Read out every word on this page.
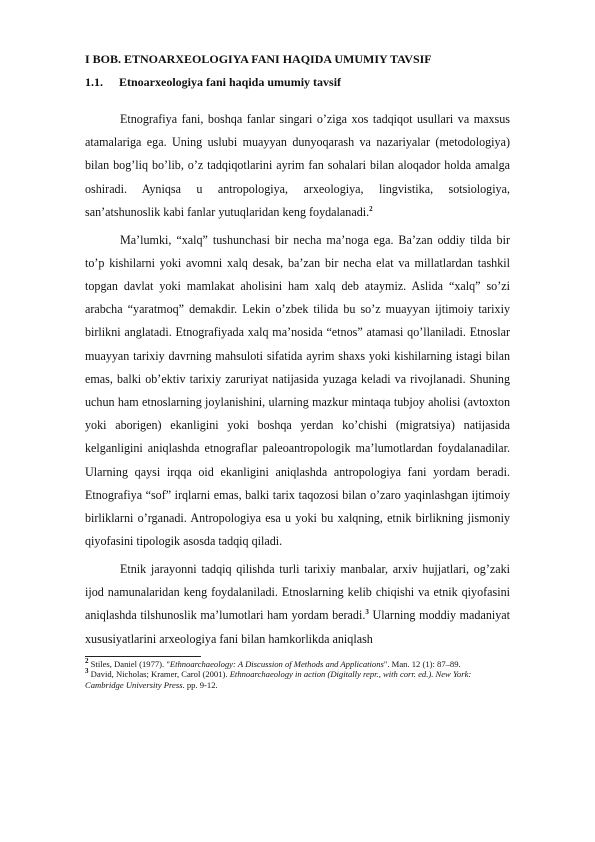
I BOB. ETNOARXEOLOGIYA FANI HAQIDA UMUMIY TAVSIF
1.1.	Etnoarxeologiya fani haqida umumiy tavsif

Etnografiya fani, boshqa fanlar singari o’ziga xos tadqiqot usullari va maxsus atamalariga ega. Uning uslubi muayyan dunyoqarash va nazariyalar (metodologiya) bilan bog’liq bo’lib, o’z tadqiqotlarini ayrim fan sohalari bilan aloqador holda amalga oshiradi. Ayniqsa u antropologiya, arxeologiya, lingvistika, sotsiologiya, san’atshunoslik kabi fanlar yutuqlaridan keng foydalanadi.$^2$

Ma’lumki, “xalq” tushunchasi bir necha ma’noga ega. Ba’zan oddiy tilda bir to’p kishilarni yoki avomni xalq desak, ba’zan bir necha elat va millatlardan tashkil topgan davlat yoki mamlakat aholisini ham xalq deb ataymiz. Aslida “xalq” so’zi arabcha “yaratmoq” demakdir. Lekin o’zbek tilida bu so’z muayyan ijtimoiy tarixiy birlikni anglatadi. Etnografiyada xalq ma’nosida “etnos” atamasi qo’llaniladi. Etnoslar muayyan tarixiy davrning mahsuloti sifatida ayrim shaxs yoki kishilarning istagi bilan emas, balki ob’ektiv tarixiy zaruriyat natijasida yuzaga keladi va rivojlanadi. Shuning uchun ham etnoslarning joylanishini, ularning mazkur mintaqa tubjoy aholisi (avtoxton yoki aborigen) ekanligini yoki boshqa yerdan ko’chishi (migratsiya) natijasida kelganligini aniqlashda etnograflar paleoantropologik ma’lumotlardan foydalanadilar. Ularning qaysi irqqa oid ekanligini aniqlashda antropologiya fani yordam beradi. Etnografiya “sof” irqlarni emas, balki tarix taqozosi bilan o’zaro yaqinlashgan ijtimoiy birliklarni o’rganadi. Antropologiya esa u yoki bu xalqning, etnik birlikning jismoniy qiyofasini tipologik asosda tadqiq qiladi.

Etnik jarayonni tadqiq qilishda turli tarixiy manbalar, arxiv hujjatlari, og’zaki ijod namunalaridan keng foydalaniladi. Etnoslarning kelib chiqishi va etnik qiyofasini aniqlashda tilshunoslik ma’lumotlari ham yordam beradi.$^3$ Ularning moddiy madaniyat xususiyatlarini arxeologiya fani bilan hamkorlikda aniqlash

$^2$ Stiles, Daniel (1977). "Ethnoarchaeology: A Discussion of Methods and Applications". Man. 12 (1): 87–89.

$^3$ David, Nicholas; Kramer, Carol (2001). Ethnoarchaeology in action (Digitally repr., with corr. ed.). New York: Cambridge University Press. pp. 9-12.
